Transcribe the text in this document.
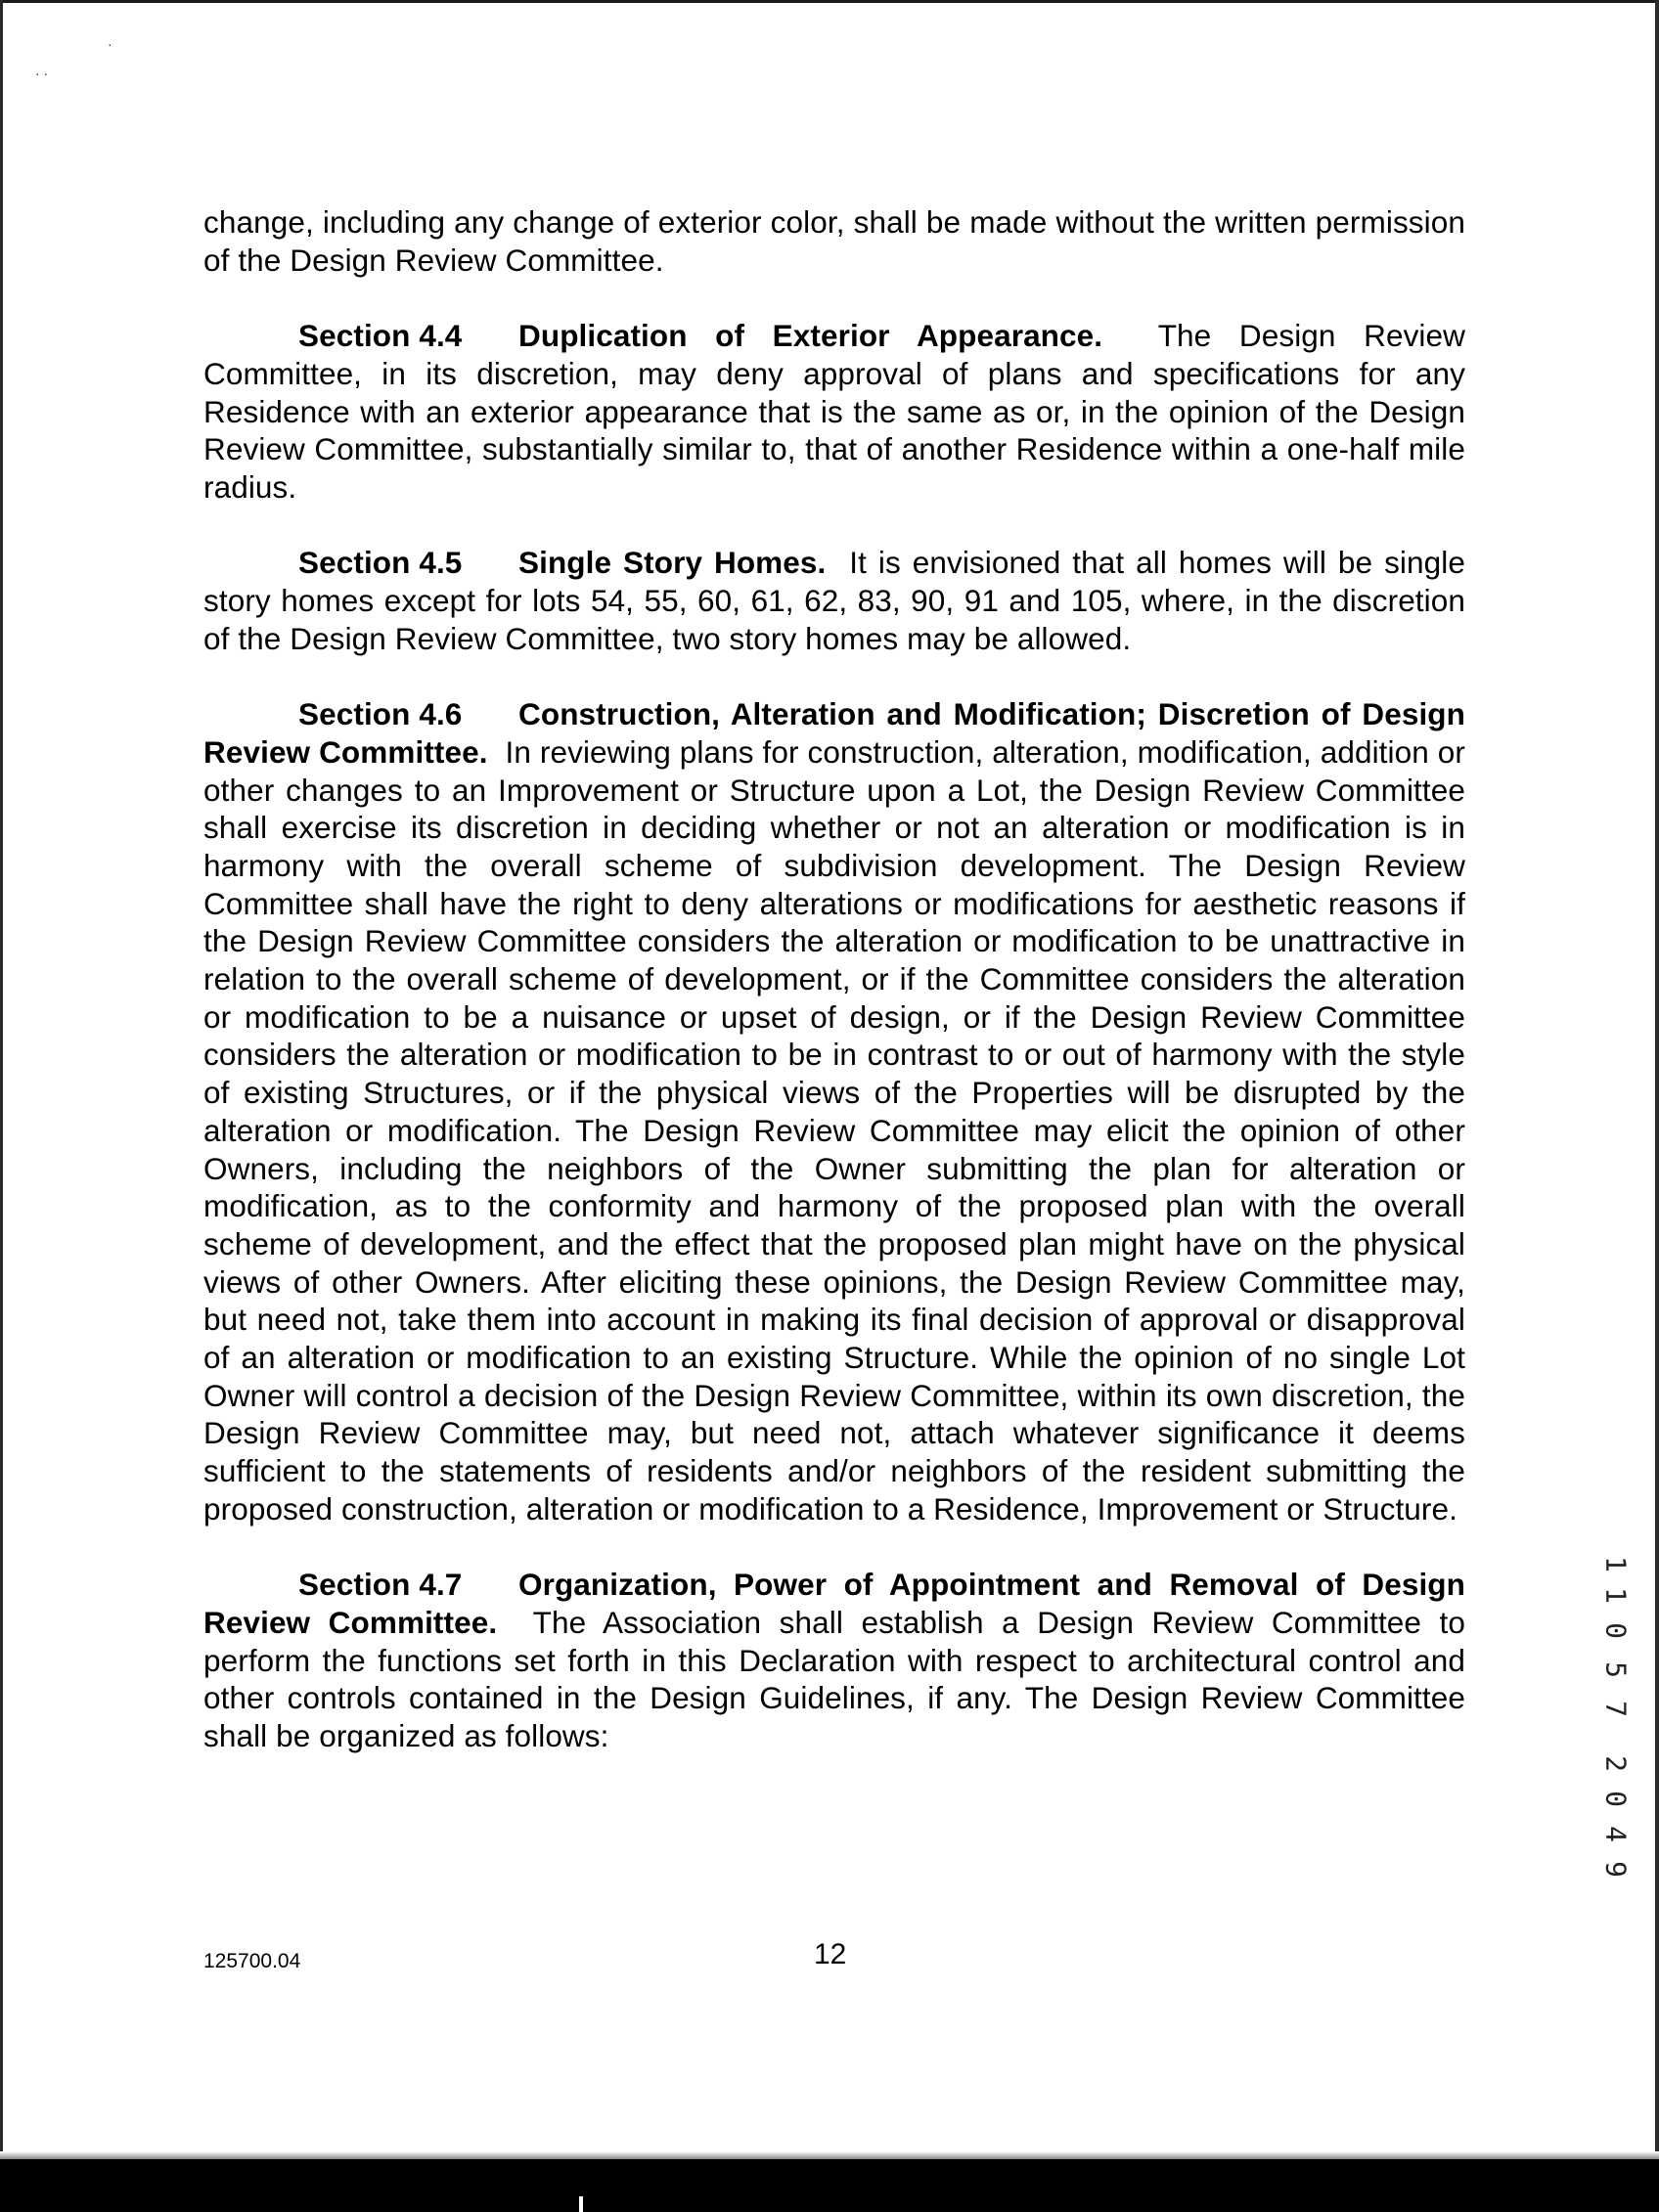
·
· ·

change, including any change of exterior color, shall be made without the written permission of the Design Review Committee.

Section 4.4 Duplication of Exterior Appearance. The Design Review Committee, in its discretion, may deny approval of plans and specifications for any Residence with an exterior appearance that is the same as or, in the opinion of the Design Review Committee, substantially similar to, that of another Residence within a one-half mile radius.

Section 4.5 Single Story Homes. It is envisioned that all homes will be single story homes except for lots 54, 55, 60, 61, 62, 83, 90, 91 and 105, where, in the discretion of the Design Review Committee, two story homes may be allowed.

Section 4.6 Construction, Alteration and Modification; Discretion of Design Review Committee. In reviewing plans for construction, alteration, modification, addition or other changes to an Improvement or Structure upon a Lot, the Design Review Committee shall exercise its discretion in deciding whether or not an alteration or modification is in harmony with the overall scheme of subdivision development. The Design Review Committee shall have the right to deny alterations or modifications for aesthetic reasons if the Design Review Committee considers the alteration or modification to be unattractive in relation to the overall scheme of development, or if the Committee considers the alteration or modification to be a nuisance or upset of design, or if the Design Review Committee considers the alteration or modification to be in contrast to or out of harmony with the style of existing Structures, or if the physical views of the Properties will be disrupted by the alteration or modification. The Design Review Committee may elicit the opinion of other Owners, including the neighbors of the Owner submitting the plan for alteration or modification, as to the conformity and harmony of the proposed plan with the overall scheme of development, and the effect that the proposed plan might have on the physical views of other Owners. After eliciting these opinions, the Design Review Committee may, but need not, take them into account in making its final decision of approval or disapproval of an alteration or modification to an existing Structure. While the opinion of no single Lot Owner will control a decision of the Design Review Committee, within its own discretion, the Design Review Committee may, but need not, attach whatever significance it deems sufficient to the statements of residents and/or neighbors of the resident submitting the proposed construction, alteration or modification to a Residence, Improvement or Structure.

Section 4.7 Organization, Power of Appointment and Removal of Design Review Committee. The Association shall establish a Design Review Committee to perform the functions set forth in this Declaration with respect to architectural control and other controls contained in the Design Guidelines, if any. The Design Review Committee shall be organized as follows:

1
1
0
5
7
2
0
4
9
125700.04	12
